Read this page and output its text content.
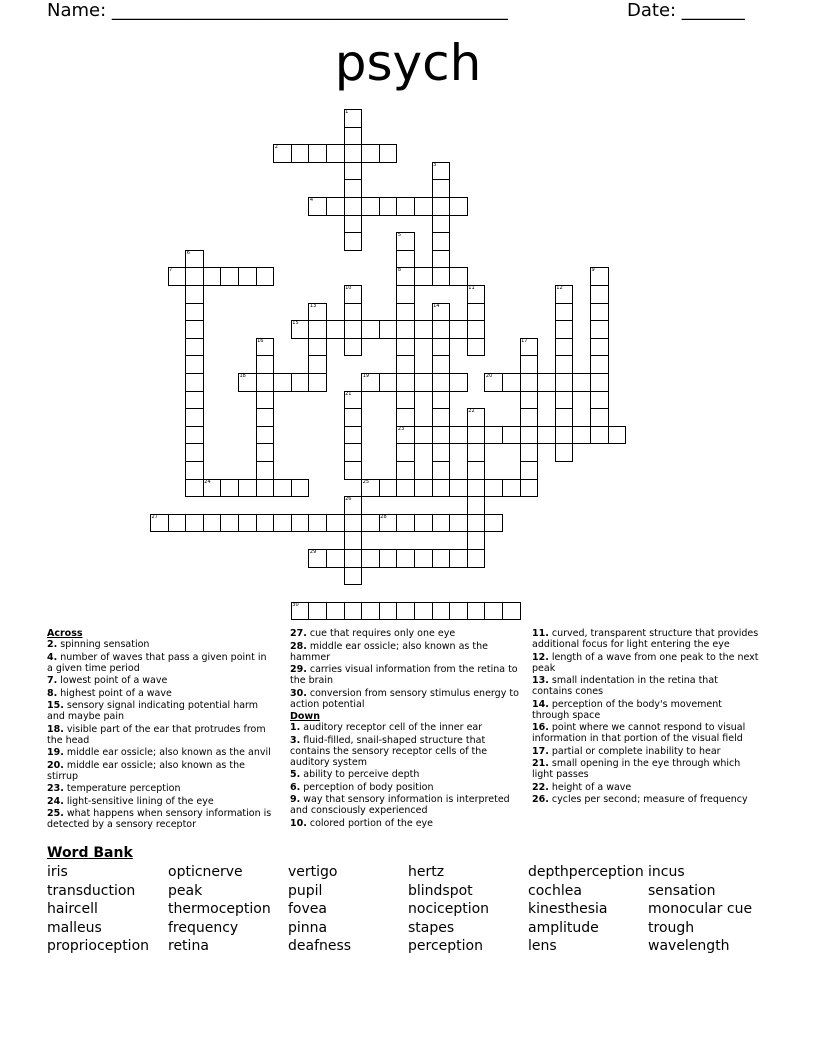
Name: ____________________________________________	Date: _______
psych
1
2
3
4
5
6
7	8	9
10	11	12
13	14
15
16	17
18	19	20
21
22
23
24	25
26
27	28
29
30
Across
2. spinning sensation
4. number of waves that pass a given point in a given time period
7. lowest point of a wave
8. highest point of a wave
15. sensory signal indicating potential harm and maybe pain
18. visible part of the ear that protrudes from the head
19. middle ear ossicle; also known as the anvil
20. middle ear ossicle; also known as the stirrup
23. temperature perception
24. light-sensitive lining of the eye
25. what happens when sensory information is detected by a sensory receptor
27. cue that requires only one eye
28. middle ear ossicle; also known as the hammer
29. carries visual information from the retina to the brain
30. conversion from sensory stimulus energy to action potential
Down
1. auditory receptor cell of the inner ear
3. fluid-filled, snail-shaped structure that contains the sensory receptor cells of the auditory system
5. ability to perceive depth
6. perception of body position
9. way that sensory information is interpreted and consciously experienced
10. colored portion of the eye
11. curved, transparent structure that provides additional focus for light entering the eye
12. length of a wave from one peak to the next peak
13. small indentation in the retina that contains cones
14. perception of the body's movement through space
16. point where we cannot respond to visual information in that portion of the visual field
17. partial or complete inability to hear
21. small opening in the eye through which light passes
22. height of a wave
26. cycles per second; measure of frequency
Word Bank
iris
transduction
haircell
malleus
proprioception
opticnerve
peak
thermoception
frequency
retina
vertigo
pupil
fovea
pinna
deafness
hertz
blindspot
nociception
stapes
perception
depthperception
cochlea
kinesthesia
amplitude
lens
incus
sensation
monocular cue
trough
wavelength
